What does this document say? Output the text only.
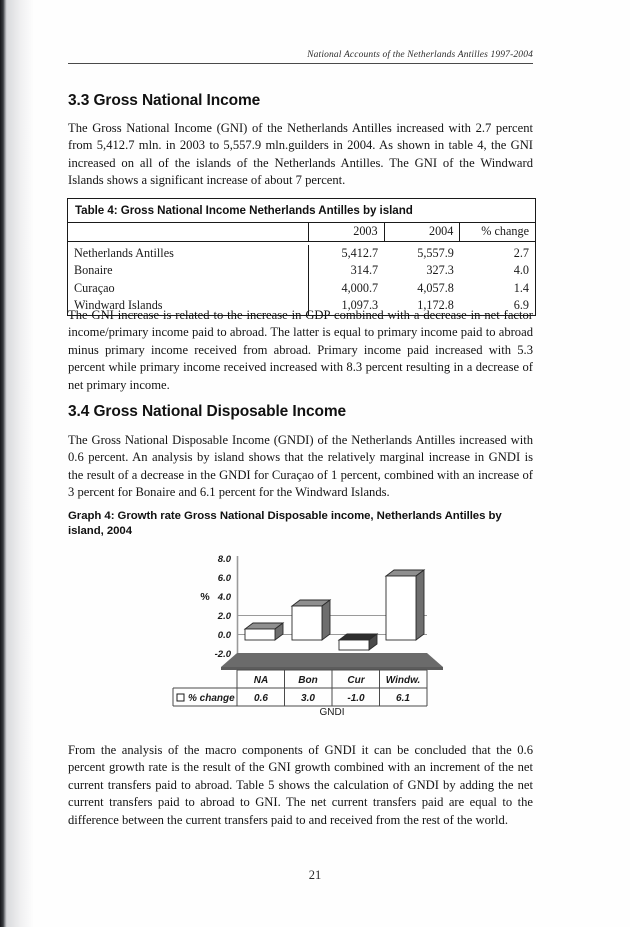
National Accounts of the Netherlands Antilles 1997-2004
3.3 Gross National Income
The Gross National Income (GNI) of the Netherlands Antilles increased with 2.7 percent from 5,412.7 mln. in 2003 to 5,557.9 mln.guilders in 2004. As shown in table 4, the GNI increased on all of the islands of the Netherlands Antilles. The GNI of the Windward Islands shows a significant increase of about 7 percent.
Table 4: Gross National Income Netherlands Antilles by island
	2003	2004	% change

Netherlands Antilles	5,412.7	5,557.9	2.7
Bonaire	314.7	327.3	4.0
Curaçao	4,000.7	4,057.8	1.4
Windward Islands	1,097.3	1,172.8	6.9
The GNI increase is related to the increase in GDP combined with a decrease in net factor income/primary income paid to abroad. The latter is equal to primary income paid to abroad minus primary income received from abroad. Primary income paid increased with 5.3 percent while primary income received increased with 8.3 percent resulting in a decrease of net primary income.
3.4 Gross National Disposable Income
The Gross National Disposable Income (GNDI) of the Netherlands Antilles increased with 0.6 percent. An analysis by island shows that the relatively marginal increase in GNDI is the result of a decrease in the GNDI for Curaçao of 1 percent, combined with an increase of 3 percent for Bonaire and 6.1 percent for the Windward Islands.
Graph 4: Growth rate Gross National Disposable income, Netherlands Antilles by island, 2004
8.0
6.0
4.0
2.0
0.0
-2.0
%
NA	Bon	Cur Windw.
% change 0.6	3.0	-1.0	6.1
GNDI
From the analysis of the macro components of GNDI it can be concluded that the 0.6 percent growth rate is the result of the GNI growth combined with an increment of the net current transfers paid to abroad. Table 5 shows the calculation of GNDI by adding the net current transfers paid to abroad to GNI. The net current transfers paid are equal to the difference between the current transfers paid to and received from the rest of the world.
21
